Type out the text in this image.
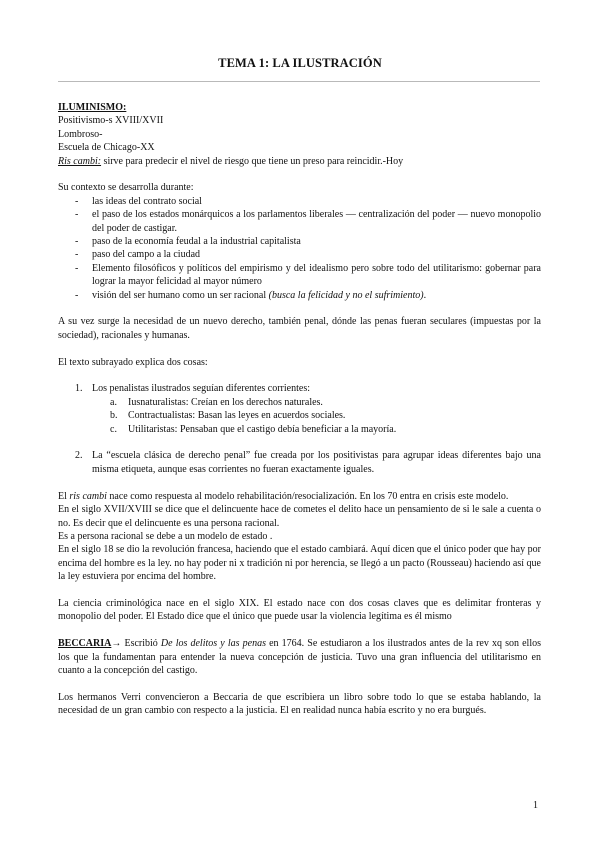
TEMA 1: LA ILUSTRACIÓN

ILUMINISMO:

Positivismo-s XVIII/XVII

Lombroso-

Escuela de Chicago-XX

Ris cambi: sirve para predecir el nivel de riesgo que tiene un preso para reincidir.-Hoy

Su contexto se desarrolla durante:

- las ideas del contrato social
- el paso de los estados monárquicos a los parlamentos liberales — centralización del poder — nuevo monopolio del poder de castigar.
- paso de la economía feudal a la industrial capitalista
- paso del campo a la ciudad
- Elemento filosóficos y políticos del empirismo y del idealismo pero sobre todo del utilitarismo: gobernar para lograr la mayor felicidad al mayor número
- visión del ser humano como un ser racional (busca la felicidad y no el sufrimiento).

A su vez surge la necesidad de un nuevo derecho, también penal, dónde las penas fueran seculares (impuestas por la sociedad), racionales y humanas.

El texto subrayado explica dos cosas:

1. Los penalistas ilustrados seguían diferentes corrientes:
a. Iusnaturalistas: Creían en los derechos naturales.
b. Contractualistas: Basan las leyes en acuerdos sociales.
c. Utilitaristas: Pensaban que el castigo debía beneficiar a la mayoría.
2. La “escuela clásica de derecho penal” fue creada por los positivistas para agrupar ideas diferentes bajo una misma etiqueta, aunque esas corrientes no fueran exactamente iguales.

El ris cambi nace como respuesta al modelo rehabilitación/resocialización. En los 70 entra en crisis este modelo.

En el siglo XVII/XVIII se dice que el delincuente hace de cometes el delito hace un pensamiento de si le sale a cuenta o no. Es decir que el delincuente es una persona racional.

Es a persona racional se debe a un modelo de estado .

En el siglo 18 se dio la revolución francesa, haciendo que el estado cambiará. Aquí dicen que el único poder que hay por encima del hombre es la ley. no hay poder ni x tradición ni por herencia, se llegó a un pacto (Rousseau) haciendo así que la ley estuviera por encima del hombre.

La ciencia criminológica nace en el siglo XIX. El estado nace con dos cosas claves que es delimitar fronteras y monopolio del poder. El Estado dice que el único que puede usar la violencia legítima es él mismo

BECCARIA→ Escribió De los delitos y las penas en 1764. Se estudiaron a los ilustrados antes de la rev xq son ellos los que la fundamentan para entender la nueva concepción de justicia. Tuvo una gran influencia del utilitarismo en cuanto a la concepción del castigo.

Los hermanos Verri convencieron a Beccaria de que escribiera un libro sobre todo lo que se estaba hablando, la necesidad de un gran cambio con respecto a la justicia. El en realidad nunca había escrito y no era burgués.

1
